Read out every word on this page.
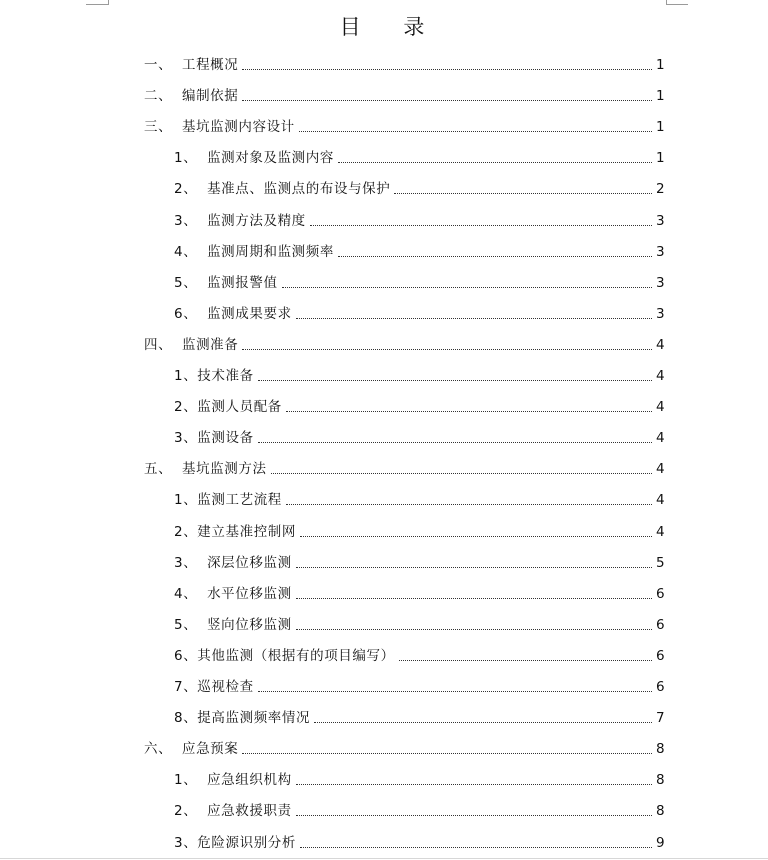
目 录
一、  工程概况	1
二、  编制依据	1
三、  基坑监测内容设计	1
1、  监测对象及监测内容	1
2、  基准点、监测点的布设与保护	2
3、  监测方法及精度	3
4、  监测周期和监测频率	3
5、  监测报警值	3
6、  监测成果要求	3
四、  监测准备	4
1、技术准备	4
2、监测人员配备	4
3、监测设备	4
五、  基坑监测方法	4
1、监测工艺流程	4
2、建立基准控制网	4
3、  深层位移监测	5
4、  水平位移监测	6
5、  竖向位移监测	6
6、其他监测（根据有的项目编写）	6
7、巡视检查	6
8、提高监测频率情况	7
六、  应急预案	8
1、  应急组织机构	8
2、  应急救援职责	8
3、危险源识别分析	9
